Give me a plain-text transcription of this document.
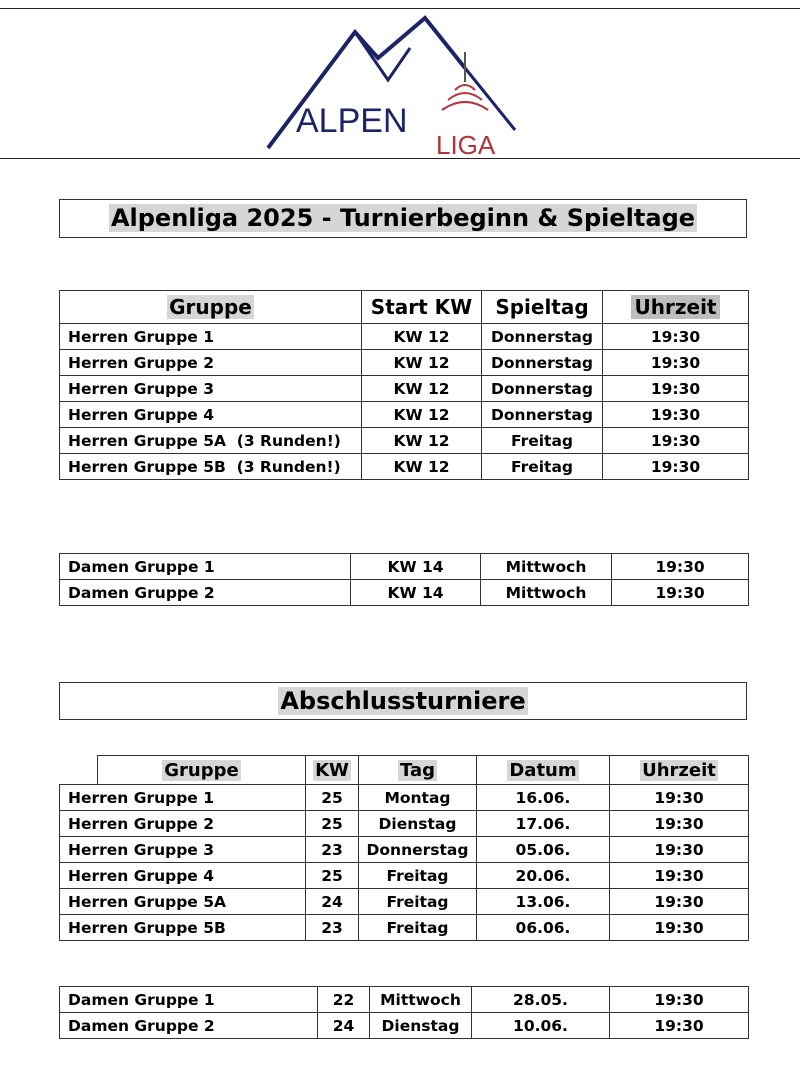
ALPEN
LIGA
Alpenliga 2025 - Turnierbeginn & Spieltage
Gruppe	Start KW	Spieltag	Uhrzeit
Herren Gruppe 1	KW 12	Donnerstag	19:30
Herren Gruppe 2	KW 12	Donnerstag	19:30
Herren Gruppe 3	KW 12	Donnerstag	19:30
Herren Gruppe 4	KW 12	Donnerstag	19:30
Herren Gruppe 5A  (3 Runden!)	KW 12	Freitag	19:30
Herren Gruppe 5B  (3 Runden!)	KW 12	Freitag	19:30
Damen Gruppe 1	KW 14	Mittwoch	19:30
Damen Gruppe 2	KW 14	Mittwoch	19:30
Abschlussturniere
	Gruppe	KW	Tag	Datum	Uhrzeit
Herren Gruppe 1		25	Montag	16.06.	19:30
Herren Gruppe 2		25	Dienstag	17.06.	19:30
Herren Gruppe 3		23	Donnerstag	05.06.	19:30
Herren Gruppe 4		25	Freitag	20.06.	19:30
Herren Gruppe 5A		24	Freitag	13.06.	19:30
Herren Gruppe 5B		23	Freitag	06.06.	19:30
Damen Gruppe 1	22	Mittwoch	28.05.	19:30
Damen Gruppe 2	24	Dienstag	10.06.	19:30
